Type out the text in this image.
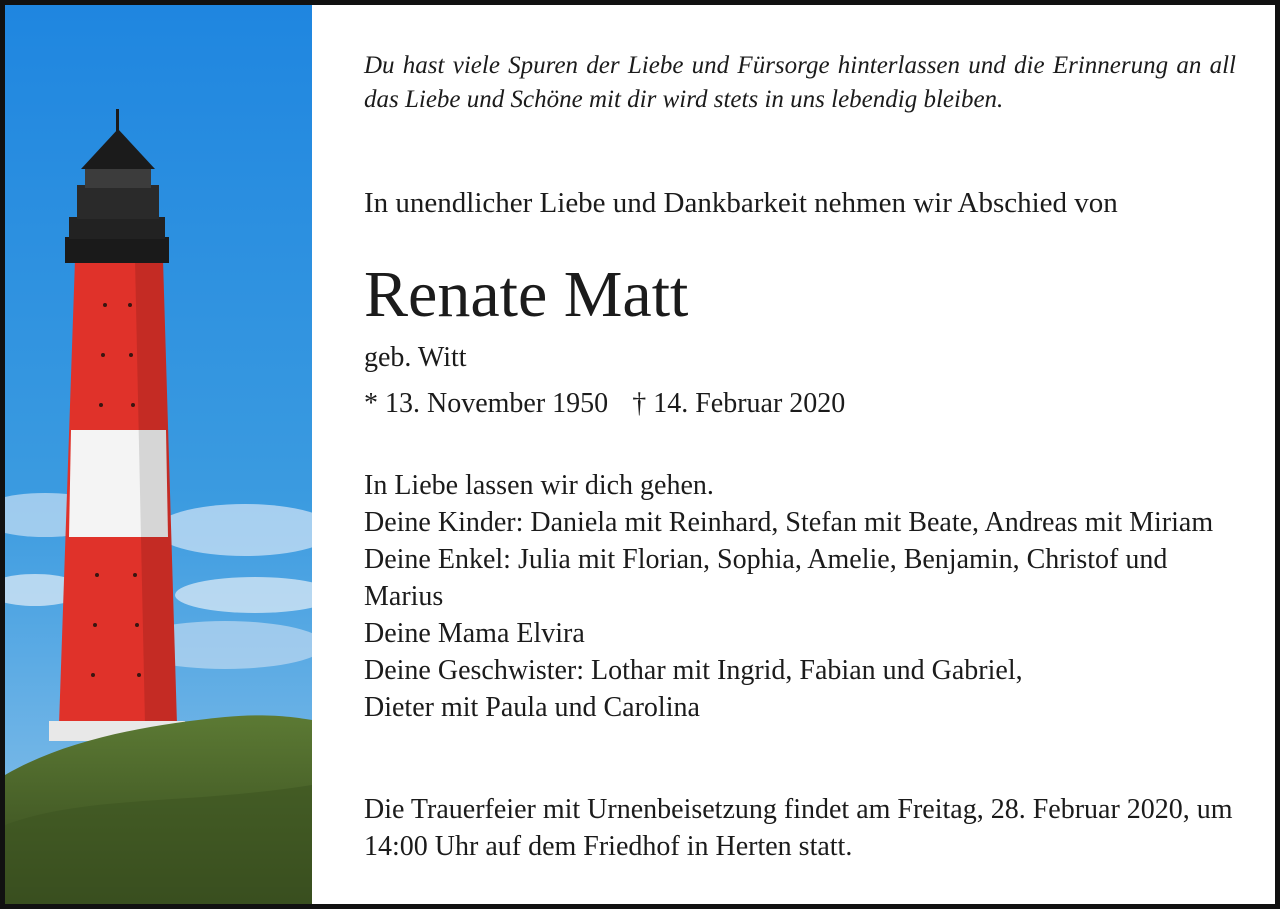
Du hast viele Spuren der Liebe und Fürsorge hinterlassen und die Erinnerung an all das Liebe und Schöne mit dir wird stets in uns lebendig bleiben.
In unendlicher Liebe und Dankbarkeit nehmen wir Abschied von
Renate Matt
geb. Witt
* 13. November 1950 † 14. Februar 2020
In Liebe lassen wir dich gehen.
Deine Kinder: Daniela mit Reinhard, Stefan mit Beate, Andreas mit Miriam
Deine Enkel: Julia mit Florian, Sophia, Amelie, Benjamin, Christof und Marius
Deine Mama Elvira
Deine Geschwister: Lothar mit Ingrid, Fabian und Gabriel,
Dieter mit Paula und Carolina
Die Trauerfeier mit Urnenbeisetzung findet am Freitag, 28. Februar 2020, um 14:00 Uhr auf dem Friedhof in Herten statt.
